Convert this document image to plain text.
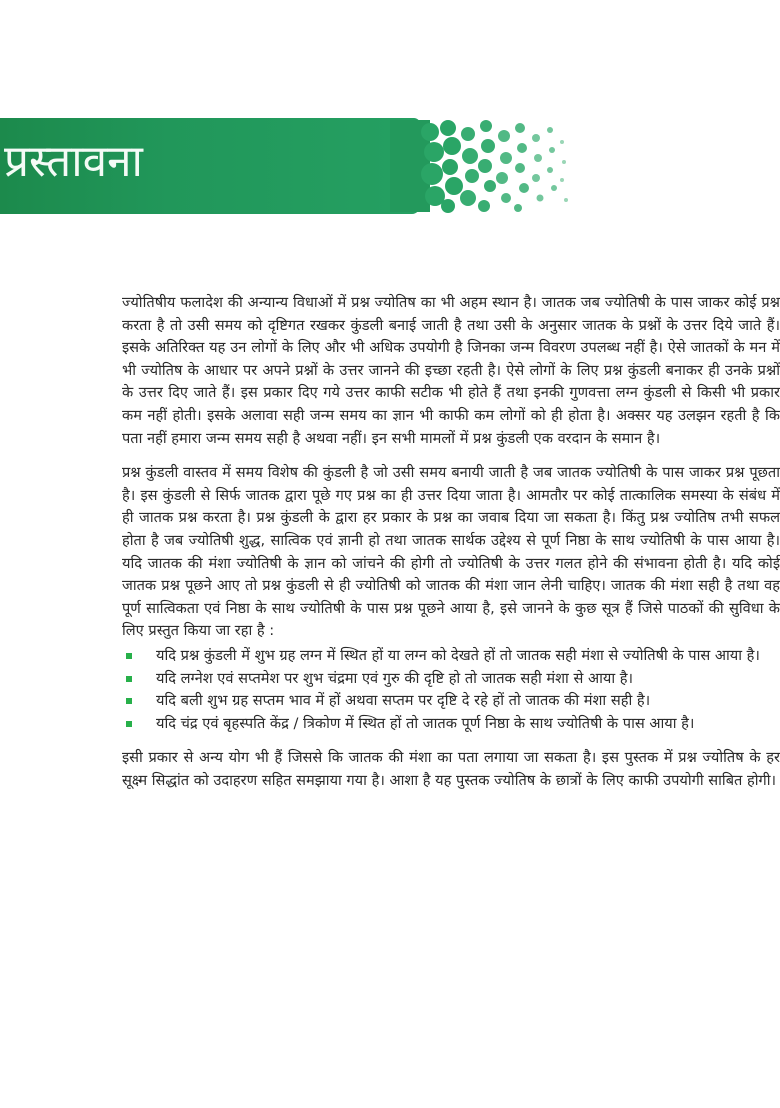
प्रस्तावना

ज्योतिषीय फलादेश की अन्यान्य विधाओं में प्रश्न ज्योतिष का भी अहम स्थान है। जातक जब ज्योतिषी के पास जाकर कोई प्रश्न करता है तो उसी समय को दृष्टिगत रखकर कुंडली बनाई जाती है तथा उसी के अनुसार जातक के प्रश्नों के उत्तर दिये जाते हैं। इसके अतिरिक्त यह उन लोगों के लिए और भी अधिक उपयोगी है जिनका जन्म विवरण उपलब्ध नहीं है। ऐसे जातकों के मन में भी ज्योतिष के आधार पर अपने प्रश्नों के उत्तर जानने की इच्छा रहती है। ऐसे लोगों के लिए प्रश्न कुंडली बनाकर ही उनके प्रश्नों के उत्तर दिए जाते हैं। इस प्रकार दिए गये उत्तर काफी सटीक भी होते हैं तथा इनकी गुणवत्ता लग्न कुंडली से किसी भी प्रकार कम नहीं होती। इसके अलावा सही जन्म समय का ज्ञान भी काफी कम लोगों को ही होता है। अक्सर यह उलझन रहती है कि पता नहीं हमारा जन्म समय सही है अथवा नहीं। इन सभी मामलों में प्रश्न कुंडली एक वरदान के समान है।

प्रश्न कुंडली वास्तव में समय विशेष की कुंडली है जो उसी समय बनायी जाती है जब जातक ज्योतिषी के पास जाकर प्रश्न पूछता है। इस कुंडली से सिर्फ जातक द्वारा पूछे गए प्रश्न का ही उत्तर दिया जाता है। आमतौर पर कोई तात्कालिक समस्या के संबंध में ही जातक प्रश्न करता है। प्रश्न कुंडली के द्वारा हर प्रकार के प्रश्न का जवाब दिया जा सकता है। किंतु प्रश्न ज्योतिष तभी सफल होता है जब ज्योतिषी शुद्ध, सात्विक एवं ज्ञानी हो तथा जातक सार्थक उद्देश्य से पूर्ण निष्ठा के साथ ज्योतिषी के पास आया है। यदि जातक की मंशा ज्योतिषी के ज्ञान को जांचने की होगी तो ज्योतिषी के उत्तर गलत होने की संभावना होती है। यदि कोई जातक प्रश्न पूछने आए तो प्रश्न कुंडली से ही ज्योतिषी को जातक की मंशा जान लेनी चाहिए। जातक की मंशा सही है तथा वह पूर्ण सात्विकता एवं निष्ठा के साथ ज्योतिषी के पास प्रश्न पूछने आया है, इसे जानने के कुछ सूत्र हैं जिसे पाठकों की सुविधा के लिए प्रस्तुत किया जा रहा है :

यदि प्रश्न कुंडली में शुभ ग्रह लग्न में स्थित हों या लग्न को देखते हों तो जातक सही मंशा से ज्योतिषी के पास आया है।
यदि लग्नेश एवं सप्तमेश पर शुभ चंद्रमा एवं गुरु की दृष्टि हो तो जातक सही मंशा से आया है।
यदि बली शुभ ग्रह सप्तम भाव में हों अथवा सप्तम पर दृष्टि दे रहे हों तो जातक की मंशा सही है।
यदि चंद्र एवं बृहस्पति केंद्र / त्रिकोण में स्थित हों तो जातक पूर्ण निष्ठा के साथ ज्योतिषी के पास आया है।

इसी प्रकार से अन्य योग भी हैं जिससे कि जातक की मंशा का पता लगाया जा सकता है। इस पुस्तक में प्रश्न ज्योतिष के हर सूक्ष्म सिद्धांत को उदाहरण सहित समझाया गया है। आशा है यह पुस्तक ज्योतिष के छात्रों के लिए काफी उपयोगी साबित होगी।
